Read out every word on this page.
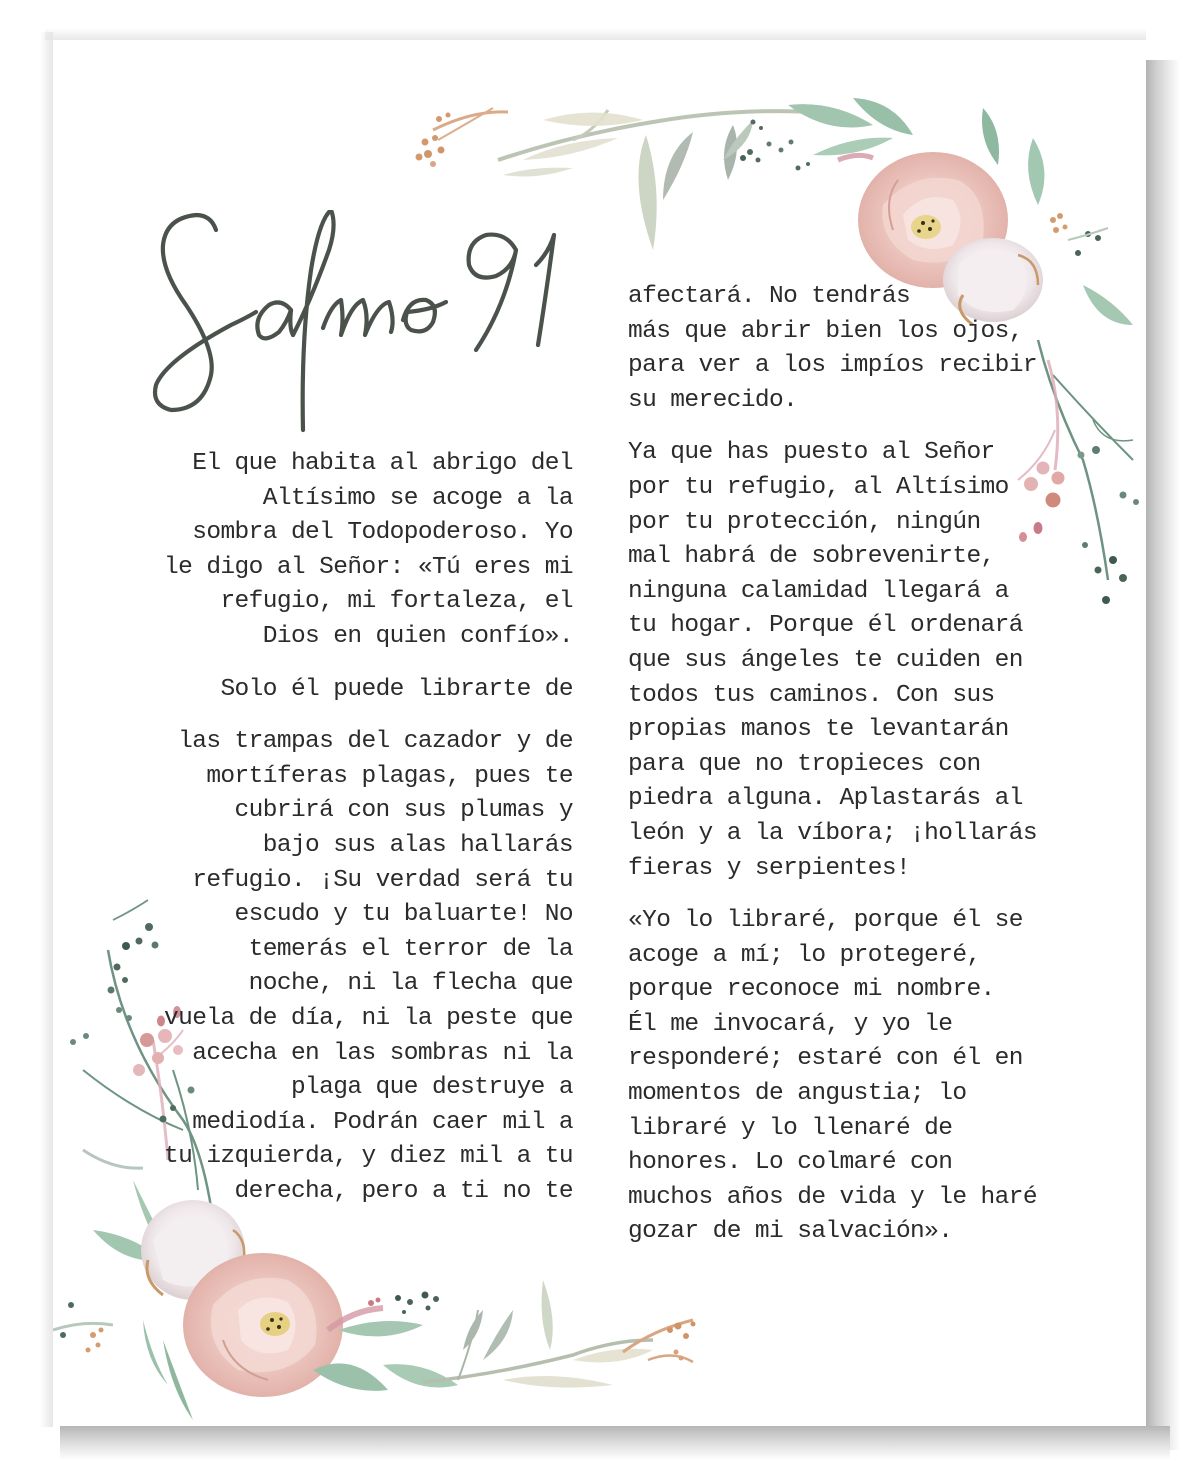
El que habita al abrigo del
Altísimo se acoge a la
sombra del Todopoderoso. Yo
le digo al Señor: «Tú eres mi
refugio, mi fortaleza, el
Dios en quien confío».

Solo él puede librarte de

las trampas del cazador y de
mortíferas plagas, pues te
cubrirá con sus plumas y
bajo sus alas hallarás
refugio. ¡Su verdad será tu
escudo y tu baluarte! No
temerás el terror de la
noche, ni la flecha que
vuela de día, ni la peste que
acecha en las sombras ni la
plaga que destruye a
mediodía. Podrán caer mil a
tu izquierda, y diez mil a tu
derecha, pero a ti no te

afectará. No tendrás
más que abrir bien los ojos,
para ver a los impíos recibir
su merecido.

Ya que has puesto al Señor
por tu refugio, al Altísimo
por tu protección, ningún
mal habrá de sobrevenirte,
ninguna calamidad llegará a
tu hogar. Porque él ordenará
que sus ángeles te cuiden en
todos tus caminos. Con sus
propias manos te levantarán
para que no tropieces con
piedra alguna. Aplastarás al
león y a la víbora; ¡hollarás
fieras y serpientes!

«Yo lo libraré, porque él se
acoge a mí; lo protegeré,
porque reconoce mi nombre.
Él me invocará, y yo le
responderé; estaré con él en
momentos de angustia; lo
libraré y lo llenaré de
honores. Lo colmaré con
muchos años de vida y le haré
gozar de mi salvación».
